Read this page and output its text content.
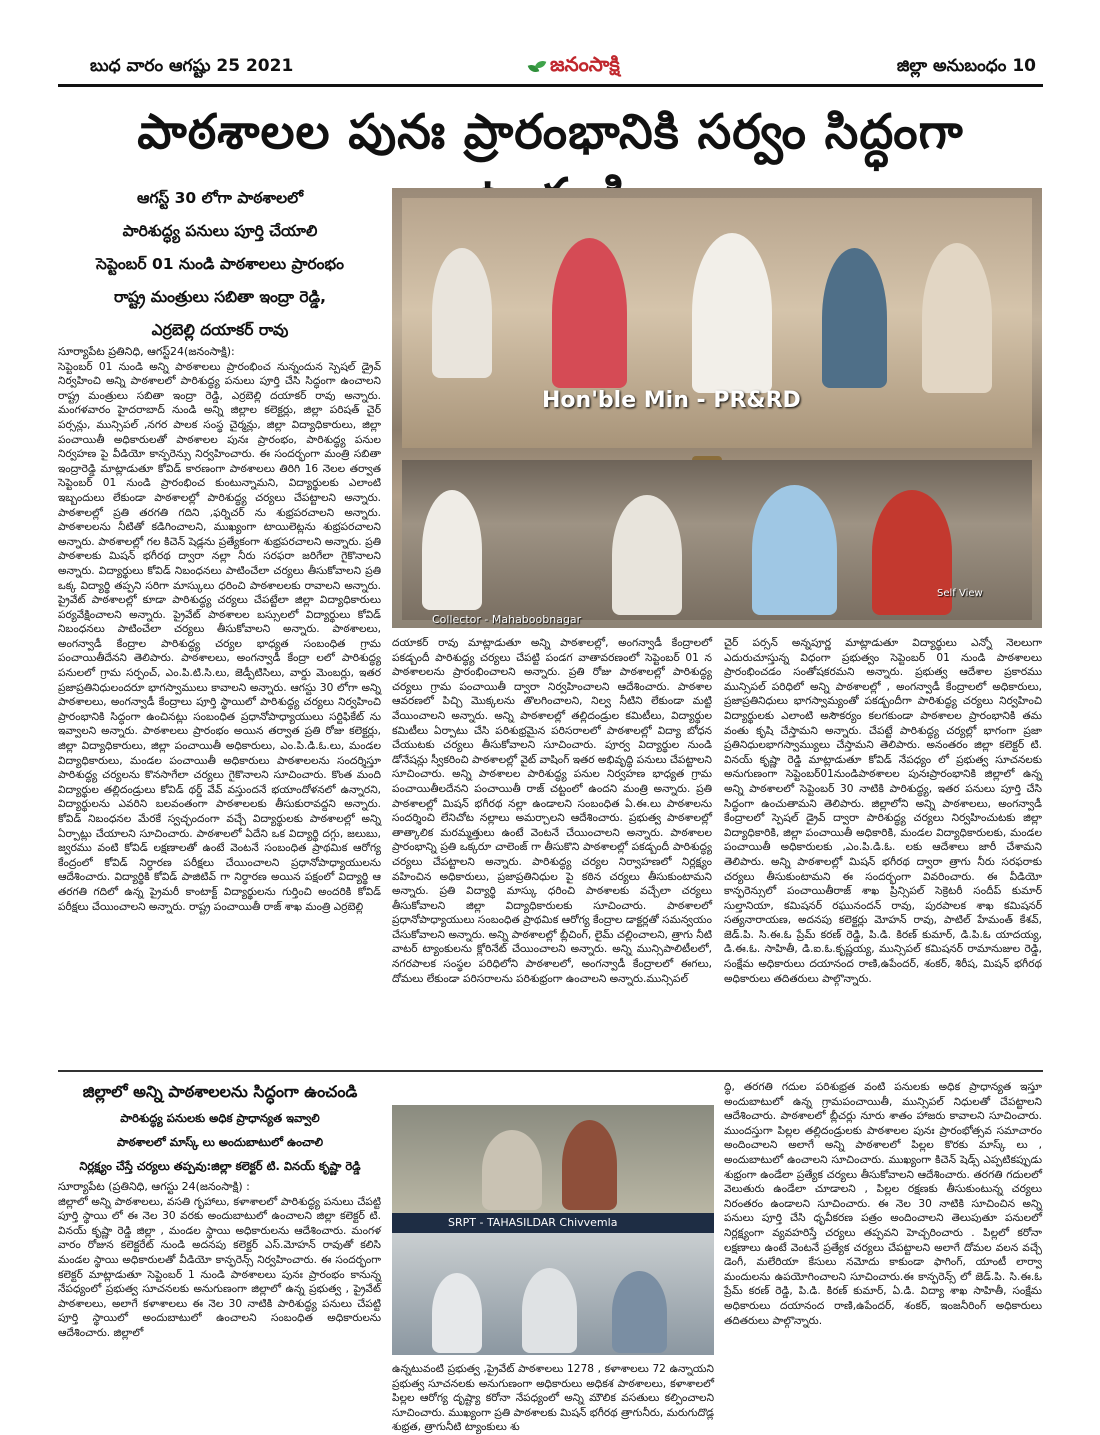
బుధ వారం ఆగష్టు 25 2021	జనంసాక్షి	జిల్లా అనుబంధం 10
పాఠశాలల పునః ప్రారంభానికి సర్వం సిద్ధంగా
ఆగస్ట్ 30 లోగా పాఠశాలలో
పారిశుద్ధ్య పనులు పూర్తి చేయాలి
సెప్టెంబర్ 01 నుండి పాఠశాలలు ప్రారంభం
రాష్ట్ర మంత్రులు సబితా ఇంద్రా రెడ్డి,
ఎర్రబెల్లి దయాకర్ రావు

సూర్యాపేట ప్రతినిధి, ఆగస్ట్24(జనంసాక్షి):

సెప్టెంబర్ 01 నుండి అన్ని పాఠశాలలు ప్రారంభించ నున్నందున స్పెషల్ డ్రైవ్ నిర్వహించి అన్ని పాఠశాలలో పారిశుద్ధ్య పనులు పూర్తి చేసి సిద్ధంగా ఉంచాలని రాష్ట్ర మంత్రులు సబితా ఇంద్రా రెడ్డి, ఎర్రబెల్లి దయాకర్ రావు అన్నారు. మంగళవారం హైదరాబాద్ నుండి అన్ని జిల్లాల కలెక్టర్లు, జిల్లా పరిషత్ చైర్ పర్సన్లు, మున్సిపల్ ,నగర పాలక సంస్థ చైర్మన్లు, జిల్లా విద్యాధికారులు, జిల్లా పంచాయితీ అధికారులతో పాఠశాలల పునః ప్రారంభం, పారిశుద్ధ్య పనుల నిర్వహణ పై వీడియో కాన్ఫరెన్సు నిర్వహించారు. ఈ సందర్భంగా మంత్రి సబితా ఇంద్రారెడ్డి మాట్లాడుతూ కోవిడ్ కారణంగా పాఠశాలలు తిరిగి 16 నెలల తర్వాత సెప్టెంబర్ 01 నుండి ప్రారంభించ కుంటున్నామని, విద్యార్థులకు ఎలాంటి ఇబ్బందులు లేకుండా పాఠశాలల్లో పారిశుద్ధ్య చర్యలు చేపట్టాలని అన్నారు. పాఠశాలల్లో ప్రతి తరగతి గదిని ,ఫర్నిచర్ ను శుభ్రపరచాలని అన్నారు. పాఠశాలలను నీటితో కడిగించాలని, ముఖ్యంగా టాయిలెట్లను శుభ్రపరచాలని అన్నారు. పాఠశాలల్లో గల కిచెన్ షెడ్లను ప్రత్యేకంగా శుభ్రపరచాలని అన్నారు. ప్రతి పాఠశాలకు మిషన్ భగీరథ ద్వారా నల్లా నీరు సరఫరా జరిగేలా గైకొనాలని అన్నారు. విద్యార్థులు కోవిడ్ నిబంధనలు పాటించేలా చర్యలు తీసుకోవాలని ప్రతి ఒక్క విద్యార్థి తప్పని సరిగా మాస్కులు ధరించి పాఠశాలలకు రావాలని అన్నారు. ప్రైవేట్ పాఠశాలల్లో కూడా పారిశుద్ధ్య చర్యలు చేపట్టేలా జిల్లా విద్యాధికారులు పర్యవేక్షించాలని అన్నారు. ప్రైవేట్ పాఠశాలల బస్సులలో విద్యార్థులు కోవిడ్ నిబంధనలు పాటించేలా చర్యలు తీసుకోవాలని అన్నారు. పాఠశాలలు, అంగన్వాడీ కేంద్రాల పారిశుద్ధ్య చర్యల భాధ్యత సంబంధిత గ్రామ పంచాయితీదేనని తెలిపారు. పాఠశాలలు, అంగన్వాడీ కేంద్రా లలో పారిశుద్ధ్య పనులలో గ్రామ సర్పంచ్, ఎం.పి.టి.సి.లు, జెడ్పీటిసిలు, వార్డు మెంబర్లు, ఇతర ప్రజాప్రతినిధులందరూ భాగస్వాములు కావాలని అన్నారు. ఆగస్టు 30 లోగా అన్ని పాఠశాలలు, అంగన్వాడీ కేంద్రాలు పూర్తి స్థాయిలో పారిశుద్ధ్య చర్యలు నిర్వహించి ప్రారంభానికి సిద్ధంగా ఉంచినట్లు సంబంధిత ప్రధానోపాధ్యాయులు సర్టిఫికేట్ ను ఇవ్వాలని అన్నారు. పాఠశాలలు ప్రారంభం అయిన తర్వాత ప్రతి రోజు కలెక్టర్లు, జిల్లా విద్యాధికారులు, జిల్లా పంచాయితీ అధికారులు, ఎం.పి.డి.ఓ.లు, మండల విద్యాధికారులు, మండల పంచాయితీ అధికారులు పాఠశాలలను సందర్శిస్తూ పారిశుద్ధ్య చర్యలను కొనసాగేలా చర్యలు గైకొనాలని సూచించారు. కొంత మంది విద్యార్థుల తల్లిదండ్రులు కోవిడ్ థర్డ్ వేవ్ వస్తుందనే భయాందోళనలో ఉన్నారని, విద్యార్థులను ఎవరిని బలవంతంగా పాఠశాలలకు తీసుకురావద్దని అన్నారు. కోవిడ్ నిబంధనల మేరకే స్వచ్ఛందంగా వచ్చే విద్యార్థులకు పాఠశాలల్లో అన్ని ఏర్పాట్లు చేయాలని సూచించారు. పాఠశాలలో ఏదేని ఒక విద్యార్థి దగ్గు, జలుబు, జ్వరము వంటి కోవిడ్ లక్షణాలతో ఉంటే వెంటనే సంబంధిత ప్రాథమిక ఆరోగ్య కేంద్రంలో కోవిడ్ నిర్ధారణ పరీక్షలు చేయించాలని ప్రధానోపాధ్యాయులను ఆదేశించారు. విద్యార్థికి కోవిడ్ పాజిటివ్ గా నిర్ధారణ అయిన పక్షంలో విద్యార్థి ఆ తరగతి గదిలో ఉన్న ప్రైమరీ కాంటాక్ట్ విద్యార్థులను గుర్తించి అందరికి కోవిడ్ పరీక్షలు చేయించాలని అన్నారు. రాష్ట్ర పంచాయితీ రాజ్ శాఖ మంత్రి ఎర్రబెల్లి

Hon'ble Min - PR&RD
Collector - Mahaboobnagar
Self View

దయాకర్ రావు మాట్లాడుతూ అన్ని పాఠశాలల్లో, అంగన్వాడీ కేంద్రాలలో పకడ్బందీ పారిశుద్ధ్య చర్యలు చేపట్టి పండగ వాతావరణంలో సెప్టెంబర్ 01 న పాఠశాలలను ప్రారంభించాలని అన్నారు. ప్రతి రోజు పాఠశాలల్లో పారిశుద్ధ్య చర్యలు గ్రామ పంచాయితీ ద్వారా నిర్వహించాలని ఆదేశించారు. పాఠశాల ఆవరణలో పిచ్చి మొక్కలను తొలగించాలని, నిల్వ నీటిని లేకుండా మట్టి వేయించాలని అన్నారు. అన్ని పాఠశాలల్లో తల్లిదండ్రుల కమిటీలు, విద్యార్థుల కమిటీలు ఏర్పాటు చేసి పరిశుభ్రమైన పరిసరాలలో పాఠశాలల్లో విద్యా బోధన చేయుటకు చర్యలు తీసుకోవాలని సూచించారు. పూర్వ విద్యార్థుల నుండి డోనేషన్లు స్వీకరించి పాఠశాలల్లో వైట్ వాషింగ్ ఇతర అభివృద్ధి పనులు చేపట్టాలని సూచించారు. అన్ని పాఠశాలల పారిశుద్ధ్య పనుల నిర్వహణ భాధ్యత గ్రామ పంచాయితీలదేనని పంచాయితీ రాజ్ చట్టంలో ఉందని మంత్రి అన్నారు. ప్రతి పాఠశాలల్లో మిషన్ భగీరథ నల్లా ఉండాలని సంబంధిత ఏ.ఈ.లు పాఠశాలను సందర్శించి లేనిచోట నల్లాలు అమర్చాలని ఆదేశించారు. ప్రభుత్వ పాఠశాలల్లో తాత్కాలిక మరమ్మత్తులు ఉంటే వెంటనే చేయించాలని అన్నారు. పాఠశాలల ప్రారంభాన్ని ప్రతి ఒక్కరూ చాలెంజ్ గా తీసుకొని పాఠశాలల్లో పకడ్బందీ పారిశుద్ధ్య చర్యలు చేపట్టాలని అన్నారు. పారిశుద్ధ్య చర్యల నిర్వాహణలో నిర్లక్ష్యం వహించిన అధికారులు, ప్రజాప్రతినిధుల పై కఠిన చర్యలు తీసుకుంటామని అన్నారు. ప్రతి విద్యార్థి మాస్కు ధరించి పాఠశాలకు వచ్చేలా చర్యలు తీసుకోవాలని జిల్లా విద్యాధికారులకు సూచించారు. పాఠశాలలో ప్రధానోపాధ్యాయులు సంబంధిత ప్రాథమిక ఆరోగ్య కేంద్రాల డాక్టర్లతో సమన్వయం చేసుకోవాలని అన్నారు. అన్ని పాఠశాలల్లో బ్లీచింగ్, లైమ్ చల్లించాలని, త్రాగు నీటి వాటర్ ట్యాంకులను క్లోరినేట్ చేయించాలని అన్నారు. అన్ని మున్సిపాలిటీలలో, నగరపాలక సంస్థల పరిధిలోని పాఠశాలలో, అంగన్వాడీ కేంద్రాలలో ఈగలు, దోమలు లేకుండా పరిసరాలను పరిశుభ్రంగా ఉంచాలని అన్నారు.మున్సిపల్

చైర్ పర్సన్ అన్నపూర్ణ మాట్లాడుతూ విద్యార్థులు ఎన్నో నెలలుగా ఎదురుచూస్తున్న విధంగా ప్రభుత్వం సెప్టెంబర్ 01 నుండి పాఠశాలలు ప్రారంభించడం సంతోషకరమని అన్నారు. ప్రభుత్వ ఆదేశాల ప్రకారము మున్సిపల్ పరిధిలో అన్ని పాఠశాలల్లో , అంగన్వాడీ కేంద్రాలలో అధికారులు, ప్రజాప్రతినిధులు భాగస్వామ్యంతో పకడ్బందీగా పారిశుద్ధ్య చర్యలు నిర్వహించి విద్యార్థులకు ఎలాంటి అసౌకర్యం కలగకుండా పాఠశాలల ప్రారంభానికి తమ వంతు కృషి చేస్తామని అన్నారు. చేపట్టే పారిశుద్ధ్య చర్యల్లో భాగంగా ప్రజా ప్రతినిధులభాగస్వామ్యులు చేస్తామని తెలిపారు. అనంతరం జిల్లా కలెక్టర్ టి. వినయ్ కృష్ణా రెడ్డి మాట్లాడుతూ కోవిడ్ నేపధ్యం లో ప్రభుత్వ సూచనలకు అనుగుణంగా సెప్టెంబర్01నుండిపాఠశాలల పునఃప్రారంభానికి జిల్లాలో ఉన్న అన్ని పాఠశాలలో సెప్టెంబర్ 30 నాటికి పారిశుద్ధ్య, ఇతర పనులు పూర్తి చేసి సిద్ధంగా ఉంచుతామని తెలిపారు. జిల్లాలోని అన్ని పాఠశాలలు, అంగన్వాడీ కేంద్రాలలో స్పెషల్ డ్రైవ్ ద్వారా పారిశుద్ధ్య చర్యలు నిర్వహించుటకు జిల్లా విద్యాధికారికి, జిల్లా పంచాయితీ అధికారికి, మండల విద్యాధికారులకు, మండల పంచాయితీ అధికారులకు ,ఎం.పి.డి.ఓ. లకు ఆదేశాలు జారీ చేశామని తెలిపారు. అన్ని పాఠశాలల్లో మిషన్ భగీరథ ద్వారా త్రాగు నీరు సరఫరాకు చర్యలు తీసుకుంటామని ఈ సందర్భంగా వివరించారు. ఈ వీడియో కాన్ఫరెన్సులో పంచాయితీరాజ్ శాఖ ప్రిన్సిపల్ సెక్రెటరీ సందీప్ కుమార్ సుల్తానియా, కమిషనర్ రఘునందన్ రావు, పురపాలక శాఖ కమిషనర్ సత్యనారాయణ, అదనపు కలెక్టర్లు మోహన్ రావు, పాటిల్ హేమంత్ కేశవ్, జెడ్.పి. సి.ఈ.ఓ ప్రేమ్ కరణ్ రెడ్డి, పి.డి. కిరణ్ కుమార్, డి.పి.ఓ యాదయ్య, డి.ఈ.ఓ. సాహితీ, డి.ఐ.ఓ.కృష్ణయ్య, మున్సిపల్ కమిషనర్ రామానుజుల రెడ్డి, సంక్షేమ అధికారులు దయానంద రాణి,ఉపేందర్, శంకర్, శిరీష, మిషన్ భగీరథ అధికారులు తదితరులు పాల్గొన్నారు.

జిల్లాలో అన్ని పాఠశాలలను సిద్ధంగా ఉంచండి
పారిశుద్ధ్య పనులకు అధిక ప్రాధాన్యత ఇవ్వాలి
పాఠశాలలో మాస్క్ లు అందుబాటులో ఉంచాలి
నిర్లక్ష్యం చేస్తే చర్యలు తప్పవు:జిల్లా కలెక్టర్ టి. వినయ్ కృష్ణా రెడ్డి

సూర్యాపేట (ప్రతినిధి, ఆగస్టు 24(జనంసాక్షి) :

జిల్లాలో అన్ని పాఠశాలలు, వసతి గృహాలు, కళాశాలలో పారిశుద్ధ్య పనులు చేపట్టి పూర్తి స్థాయి లో ఈ నెల 30 వరకు అందుబాటులో ఉంచాలని జిల్లా కలెక్టర్ టి. వినయ్ కృష్ణా రెడ్డి జిల్లా , మండల స్థాయి అధికారులను ఆదేశించారు. మంగళ వారం రోజున కలెక్టరేట్ నుండి అదనపు కలెక్టర్ ఎస్.మోహన్ రావుతో కలిసి మండల స్థాయి అధికారులతో వీడియో కాన్ఫరెన్స్ నిర్వహించారు. ఈ సందర్భంగా కలెక్టర్ మాట్లాడుతూ సెప్టెంబర్ 1 నుండి పాఠశాలలు పునః ప్రారంభం కానున్న నేపధ్యంలో ప్రభుత్వ సూచనలకు అనుగుణంగా జిల్లాలో ఉన్న ప్రభుత్వ , ప్రైవేట్ పాఠశాలలు, అలాగే కళాశాలలు ఈ నెల 30 నాటికి పారిశుద్ధ్య పనులు చేపట్టి పూర్తి స్థాయిలో అందుబాటులో ఉంచాలని సంబంధిత అధికారులను ఆదేశించారు. జిల్లాలో

SRPT - TAHASILDAR Chivvemla

ఉన్నటువంటి ప్రభుత్వ ,ప్రైవేట్ పాఠశాలలు 1278 , కళాశాలలు 72 ఉన్నాయని ప్రభుత్వ సూచనలకు అనుగుణంగా అధికారులు అధికశ పాఠశాలలు, కళాశాలలో పిల్లల ఆరోగ్య దృష్ట్యా కరోనా నేపధ్యంలో అన్ని మౌలిక వసతులు కల్పించాలని సూచించారు. ముఖ్యంగా ప్రతి పాఠశాలకు మిషన్ భగీరథ త్రాగునీరు, మరుగుదొడ్ల శుభ్రత, త్రాగునీటి ట్యాంకులు శు

ద్ధి, తరగతి గదుల పరిశుభ్రత వంటి పనులకు అధిక ప్రాధాన్యత ఇస్తూ అందుబాటులో ఉన్న గ్రామపంచాయితీ, మున్సిపల్ నిధులతో చేపట్టాలని ఆదేశించారు. పాఠశాలలో బ్లీచర్లు నూరు శాతం హాజరు కావాలని సూచించారు. ముందస్తుగా పిల్లల తల్లిదండ్రులకు పాఠశాలల పునః ప్రారంభోత్సవ సమాచారం అందించాలని అలాగే అన్ని పాఠశాలలో పిల్లల కొరకు మాస్క్ లు , అందుబాటులో ఉంచాలని సూచించారు. ముఖ్యంగా కిచెన్ షెడ్స్ ఎప్పటికప్పుడు శుభ్రంగా ఉండేలా ప్రత్యేక చర్యలు తీసుకోవాలని ఆదేశించారు. తరగతి గదులలో వెలుతురు ఉండేలా చూడాలని , పిల్లల రక్షణకు తీసుకుంటున్న చర్యలు నిరంతరం ఉండాలని సూచించారు. ఈ నెల 30 నాటికి సూచించిన అన్ని పనులు పూర్తి చేసి ధృవీకరణ పత్రం అందించాలని తెలుపుతూ పనులలో నిర్లక్ష్యంగా వ్యవహరిస్తే చర్యలు తప్పవని హెచ్చరించారు . పిల్లలో కరోనా లక్షణాలు ఉంటే వెంటనే ప్రత్యేక చర్యలు చేపట్టాలని అలాగే దోమల వలన వచ్చే డెంగీ, మలేరియా కేసులు నమోదు కాకుండా ఫాగింగ్, యాంటీ లార్వా మందులను ఉపయోగించాలని సూచించారు.ఈ కాన్ఫరెన్స్ లో జెడ్.పి. సి.ఈ.ఓ ప్రేమ్ కరణ్ రెడ్డి, పి.డి. కిరణ్ కుమార్, ఏ.డి. విద్యా శాఖ సాహితీ, సంక్షేమ అధికారులు దయానంద రాణి,ఉపేందర్, శంకర్, ఇంజనీరింగ్ అధికారులు తదితరులు పాల్గొన్నారు.
